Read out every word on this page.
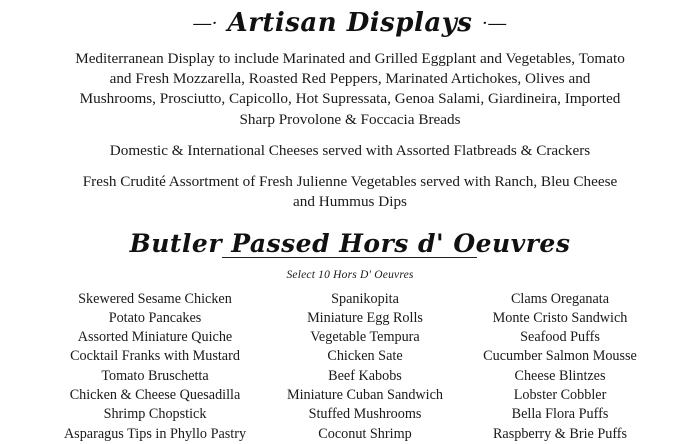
―· Artisan Displays ·―
Mediterranean Display to include Marinated and Grilled Eggplant and Vegetables, Tomato and Fresh Mozzarella, Roasted Red Peppers, Marinated Artichokes, Olives and Mushrooms, Prosciutto, Capicollo, Hot Supressata, Genoa Salami, Giardineira, Imported Sharp Provolone & Foccacia Breads
Domestic & International Cheeses served with Assorted Flatbreads & Crackers
Fresh Crudité Assortment of Fresh Julienne Vegetables served with Ranch, Bleu Cheese and Hummus Dips
Butler Passed Hors d' Oeuvres
Select 10 Hors D' Oeuvres
Skewered Sesame Chicken
Potato Pancakes
Assorted Miniature Quiche
Cocktail Franks with Mustard
Tomato Bruschetta
Chicken & Cheese Quesadilla
Shrimp Chopstick
Asparagus Tips in Phyllo Pastry
Spanikopita
Miniature Egg Rolls
Vegetable Tempura
Chicken Sate
Beef Kabobs
Miniature Cuban Sandwich
Stuffed Mushrooms
Coconut Shrimp
Clams Oreganata
Monte Cristo Sandwich
Seafood Puffs
Cucumber Salmon Mousse
Cheese Blintzes
Lobster Cobbler
Bella Flora Puffs
Raspberry & Brie Puffs
